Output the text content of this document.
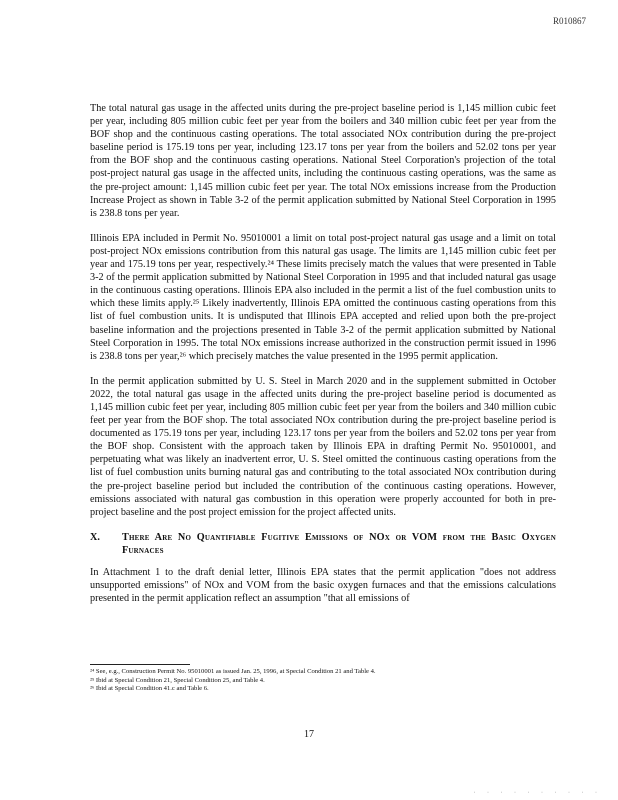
R010867

The total natural gas usage in the affected units during the pre-project baseline period is 1,145 million cubic feet per year, including 805 million cubic feet per year from the boilers and 340 million cubic feet per year from the BOF shop and the continuous casting operations. The total associated NOx contribution during the pre-project baseline period is 175.19 tons per year, including 123.17 tons per year from the boilers and 52.02 tons per year from the BOF shop and the continuous casting operations. National Steel Corporation's projection of the total post-project natural gas usage in the affected units, including the continuous casting operations, was the same as the pre-project amount: 1,145 million cubic feet per year. The total NOx emissions increase from the Production Increase Project as shown in Table 3-2 of the permit application submitted by National Steel Corporation in 1995 is 238.8 tons per year.

Illinois EPA included in Permit No. 95010001 a limit on total post-project natural gas usage and a limit on total post-project NOx emissions contribution from this natural gas usage. The limits are 1,145 million cubic feet per year and 175.19 tons per year, respectively.²⁴ These limits precisely match the values that were presented in Table 3-2 of the permit application submitted by National Steel Corporation in 1995 and that included natural gas usage in the continuous casting operations. Illinois EPA also included in the permit a list of the fuel combustion units to which these limits apply.²⁵ Likely inadvertently, Illinois EPA omitted the continuous casting operations from this list of fuel combustion units. It is undisputed that Illinois EPA accepted and relied upon both the pre-project baseline information and the projections presented in Table 3-2 of the permit application submitted by National Steel Corporation in 1995. The total NOx emissions increase authorized in the construction permit issued in 1996 is 238.8 tons per year,²⁶ which precisely matches the value presented in the 1995 permit application.

In the permit application submitted by U. S. Steel in March 2020 and in the supplement submitted in October 2022, the total natural gas usage in the affected units during the pre-project baseline period is documented as 1,145 million cubic feet per year, including 805 million cubic feet per year from the boilers and 340 million cubic feet per year from the BOF shop. The total associated NOx contribution during the pre-project baseline period is documented as 175.19 tons per year, including 123.17 tons per year from the boilers and 52.02 tons per year from the BOF shop. Consistent with the approach taken by Illinois EPA in drafting Permit No. 95010001, and perpetuating what was likely an inadvertent error, U. S. Steel omitted the continuous casting operations from the list of fuel combustion units burning natural gas and contributing to the total associated NOx contribution during the pre-project baseline period but included the contribution of the continuous casting operations. However, emissions associated with natural gas combustion in this operation were properly accounted for both in pre-project baseline and the post project emission for the project affected units.

X.	There Are No Quantifiable Fugitive Emissions of NOx or VOM from the Basic Oxygen Furnaces

In Attachment 1 to the draft denial letter, Illinois EPA states that the permit application "does not address unsupported emissions" of NOx and VOM from the basic oxygen furnaces and that the emissions calculations presented in the permit application reflect an assumption "that all emissions of

²⁴ See, e.g., Construction Permit No. 95010001 as issued Jan. 25, 1996, at Special Condition 21 and Table 4.
²⁵ Ibid at Special Condition 21, Special Condition 25, and Table 4.
²⁶ Ibid at Special Condition 41.c and Table 6.
17
· · · · · · · · · ·
